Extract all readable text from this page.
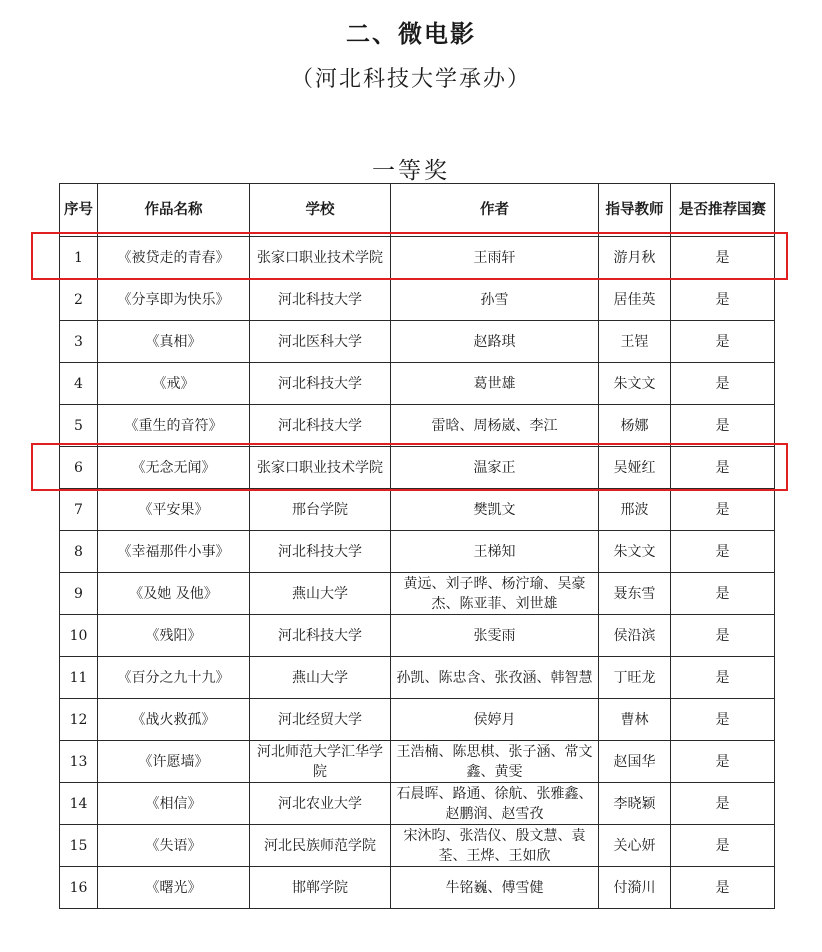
二、微电影
（河北科技大学承办）
一等奖
序号	作品名称	学校	作者	指导教师	是否推荐国赛
1	《被贷走的青春》	张家口职业技术学院	王雨轩	游月秋	是
2	《分享即为快乐》	河北科技大学	孙雪	居佳英	是
3	《真相》	河北医科大学	赵路琪	王锃	是
4	《戒》	河北科技大学	葛世雄	朱文文	是
5	《重生的音符》	河北科技大学	雷晗、周杨崴、李江	杨娜	是
6	《无念无闻》	张家口职业技术学院	温家正	吴娅红	是
7	《平安果》	邢台学院	樊凯文	邢波	是
8	《幸福那件小事》	河北科技大学	王梯知	朱文文	是
9	《及她 及他》	燕山大学	黄远、刘子晔、杨泞瑜、吴豪杰、陈亚菲、刘世雄	聂东雪	是
10	《残阳》	河北科技大学	张雯雨	侯沿滨	是
11	《百分之九十九》	燕山大学	孙凯、陈忠含、张孜涵、韩智慧	丁旺龙	是
12	《战火救孤》	河北经贸大学	侯婷月	曹林	是
13	《许愿墙》	河北师范大学汇华学院	王浩楠、陈思棋、张子涵、常文鑫、黄雯	赵国华	是
14	《相信》	河北农业大学	石晨晖、路通、徐航、张雅鑫、赵鹏润、赵雪孜	李晓颖	是
15	《失语》	河北民族师范学院	宋沐昀、张浩仪、殷文慧、袁荃、王烨、王如欣	关心妍	是
16	《曙光》	邯郸学院	牛铭巍、傅雪健	付漪川	是
